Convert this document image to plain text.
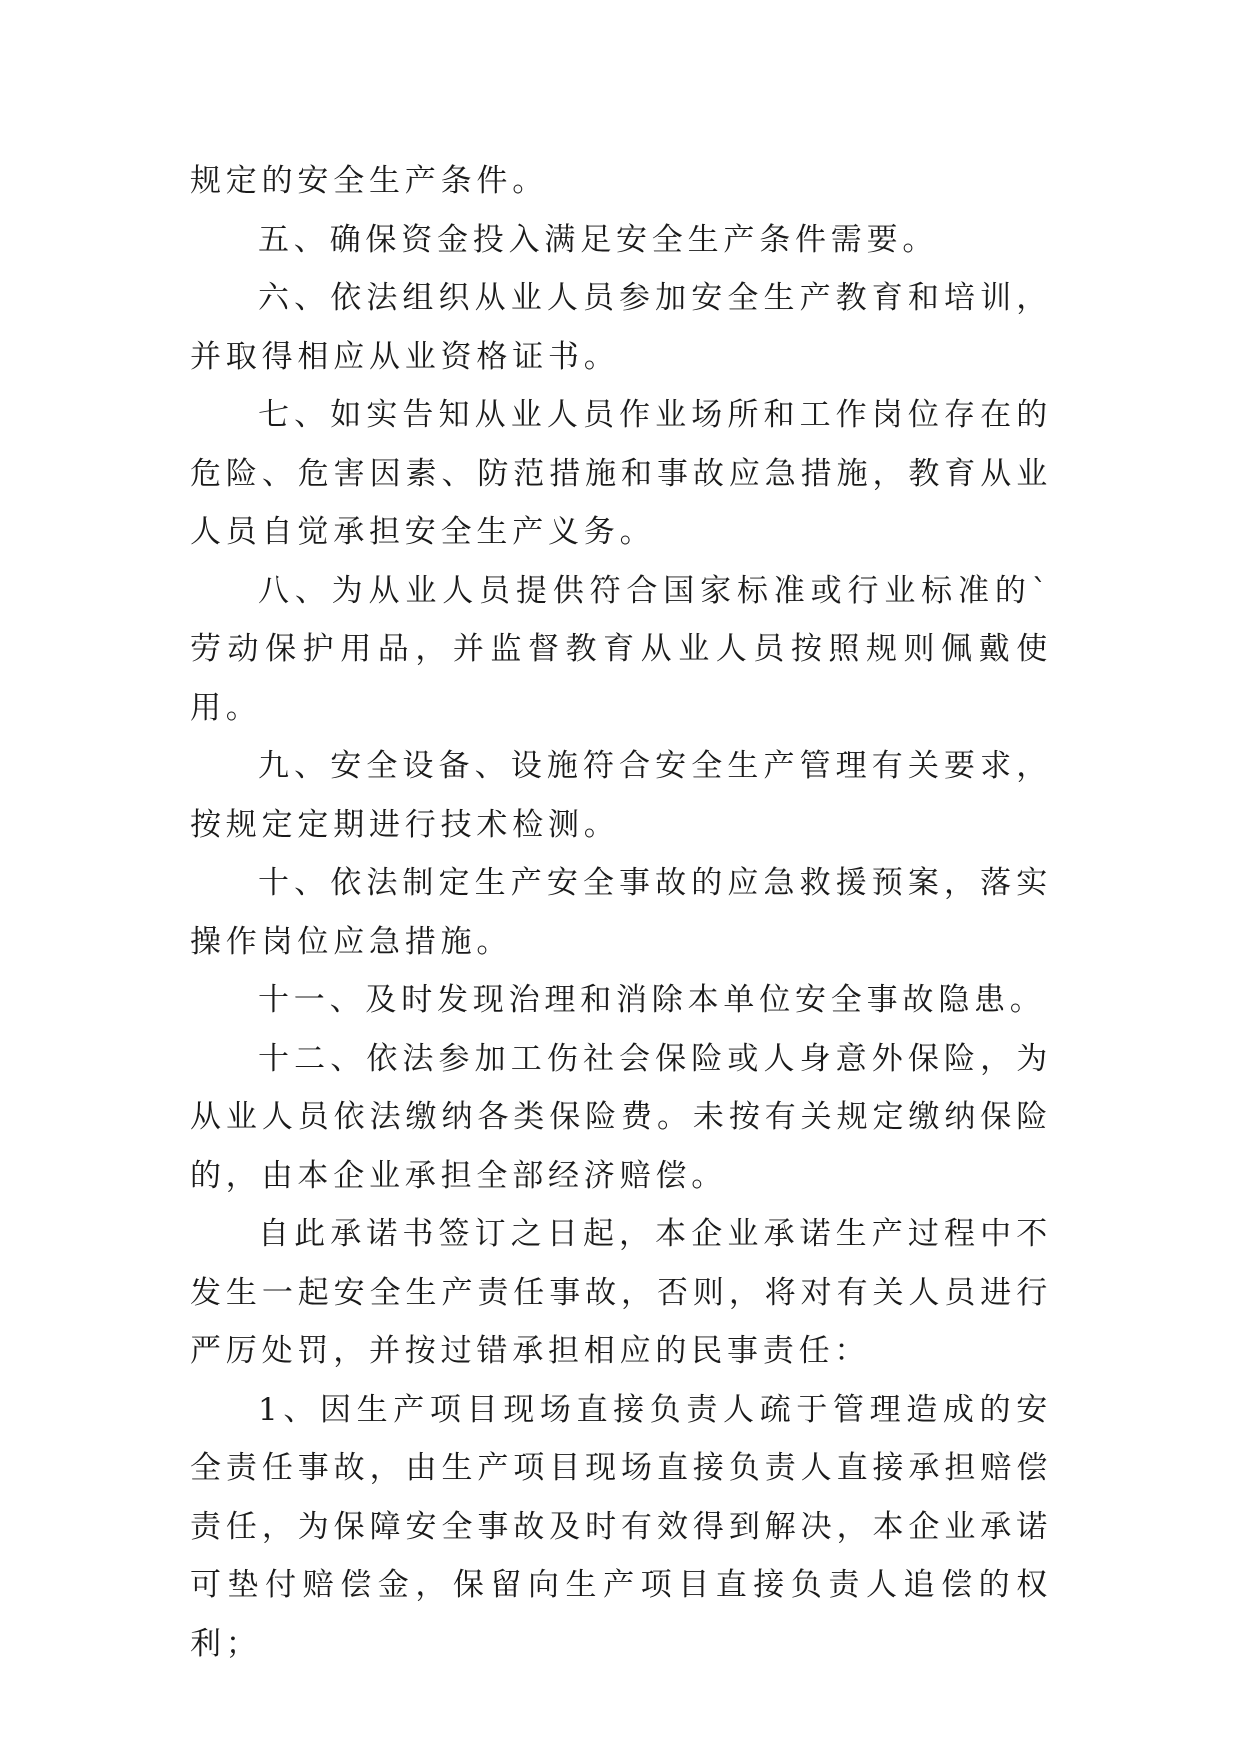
规定的安全生产条件。

五、确保资金投入满足安全生产条件需要。

六、依法组织从业人员参加安全生产教育和培训，并取得相应从业资格证书。

七、如实告知从业人员作业场所和工作岗位存在的危险、危害因素、防范措施和事故应急措施，教育从业人员自觉承担安全生产义务。

八、为从业人员提供符合国家标准或行业标准的`劳动保护用品，并监督教育从业人员按照规则佩戴使用。

九、安全设备、设施符合安全生产管理有关要求，按规定定期进行技术检测。

十、依法制定生产安全事故的应急救援预案，落实操作岗位应急措施。

十一、及时发现治理和消除本单位安全事故隐患。

十二、依法参加工伤社会保险或人身意外保险，为从业人员依法缴纳各类保险费。未按有关规定缴纳保险的，由本企业承担全部经济赔偿。

自此承诺书签订之日起，本企业承诺生产过程中不发生一起安全生产责任事故，否则，将对有关人员进行严厉处罚，并按过错承担相应的民事责任：

1、因生产项目现场直接负责人疏于管理造成的安全责任事故，由生产项目现场直接负责人直接承担赔偿责任，为保障安全事故及时有效得到解决，本企业承诺可垫付赔偿金，保留向生产项目直接负责人追偿的权利；
